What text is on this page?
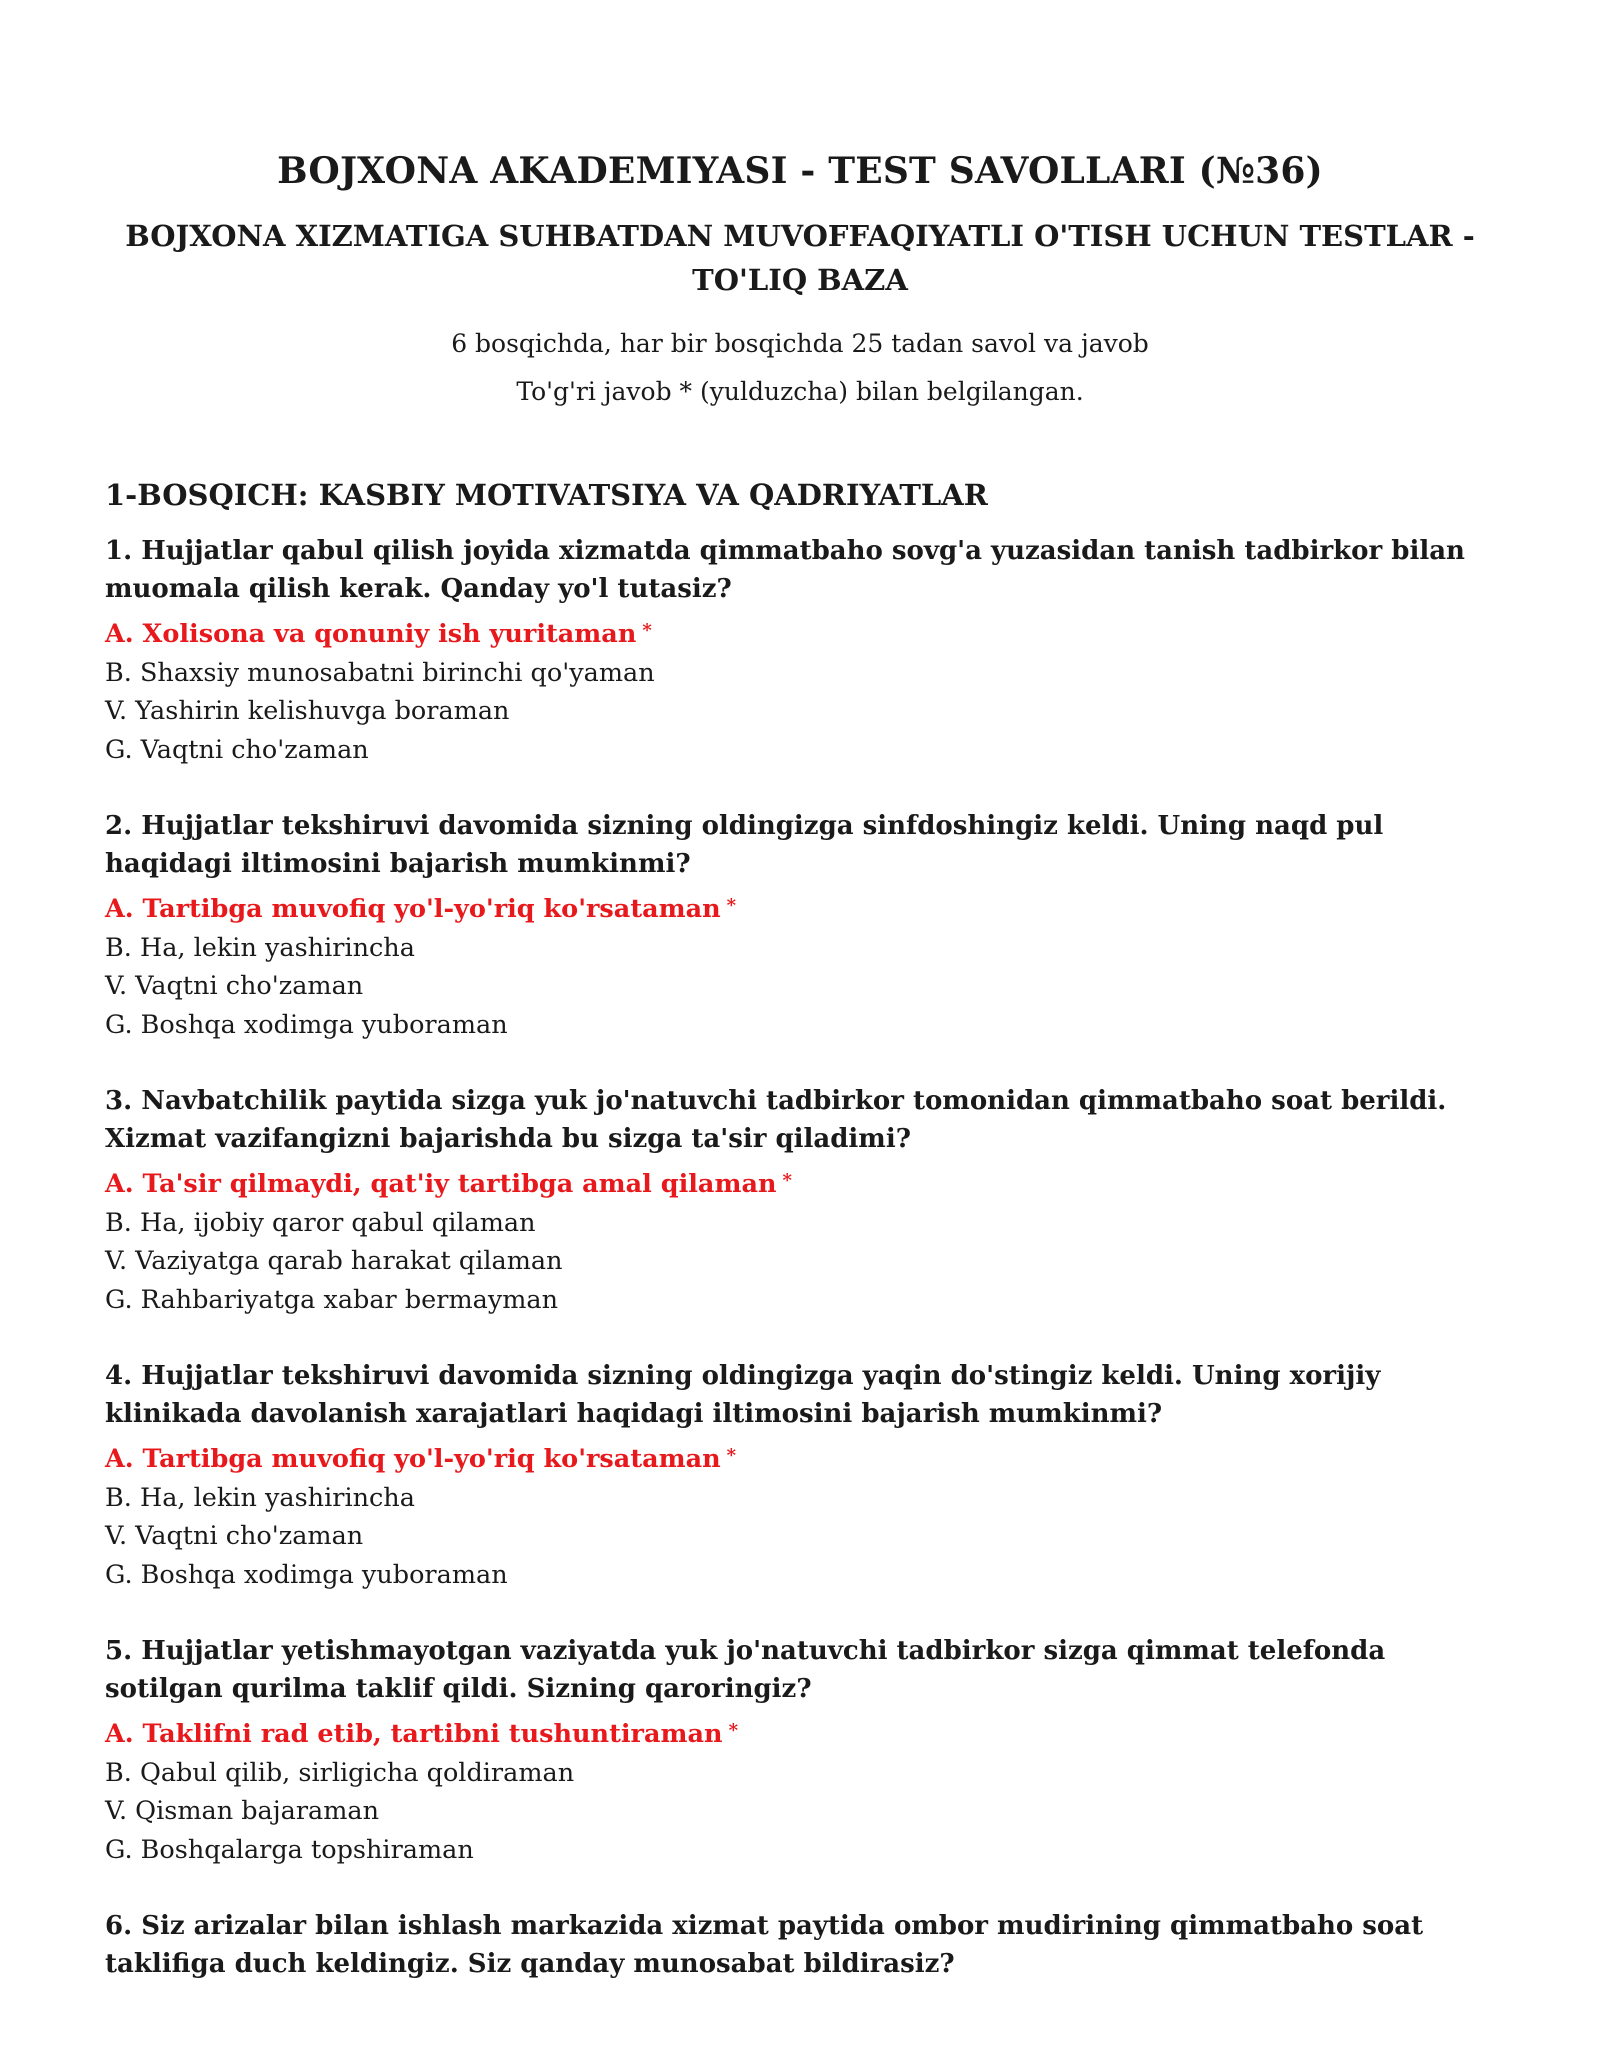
BOJXONA AKADEMIYASI - TEST SAVOLLARI (№36)
BOJXONA XIZMATIGA SUHBATDAN MUVOFFAQIYATLI O'TISH UCHUN TESTLAR - TO'LIQ BAZA

6 bosqichda, har bir bosqichda 25 tadan savol va javob

To'g'ri javob * (yulduzcha) bilan belgilangan.

1-BOSQICH: KASBIY MOTIVATSIYA VA QADRIYATLAR

1. Hujjatlar qabul qilish joyida xizmatda qimmatbaho sovg'a yuzasidan tanish tadbirkor bilan muomala qilish kerak. Qanday yo'l tutasiz?

A. Xolisona va qonuniy ish yuritaman *

B. Shaxsiy munosabatni birinchi qo'yaman

V. Yashirin kelishuvga boraman

G. Vaqtni cho'zaman

2. Hujjatlar tekshiruvi davomida sizning oldingizga sinfdoshingiz keldi. Uning naqd pul haqidagi iltimosini bajarish mumkinmi?

A. Tartibga muvofiq yo'l-yo'riq ko'rsataman *

B. Ha, lekin yashirincha

V. Vaqtni cho'zaman

G. Boshqa xodimga yuboraman

3. Navbatchilik paytida sizga yuk jo'natuvchi tadbirkor tomonidan qimmatbaho soat berildi. Xizmat vazifangizni bajarishda bu sizga ta'sir qiladimi?

A. Ta'sir qilmaydi, qat'iy tartibga amal qilaman *

B. Ha, ijobiy qaror qabul qilaman

V. Vaziyatga qarab harakat qilaman

G. Rahbariyatga xabar bermayman

4. Hujjatlar tekshiruvi davomida sizning oldingizga yaqin do'stingiz keldi. Uning xorijiy klinikada davolanish xarajatlari haqidagi iltimosini bajarish mumkinmi?

A. Tartibga muvofiq yo'l-yo'riq ko'rsataman *

B. Ha, lekin yashirincha

V. Vaqtni cho'zaman

G. Boshqa xodimga yuboraman

5. Hujjatlar yetishmayotgan vaziyatda yuk jo'natuvchi tadbirkor sizga qimmat telefonda sotilgan qurilma taklif qildi. Sizning qaroringiz?

A. Taklifni rad etib, tartibni tushuntiraman *

B. Qabul qilib, sirligicha qoldiraman

V. Qisman bajaraman

G. Boshqalarga topshiraman

6. Siz arizalar bilan ishlash markazida xizmat paytida ombor mudirining qimmatbaho soat taklifiga duch keldingiz. Siz qanday munosabat bildirasiz?
